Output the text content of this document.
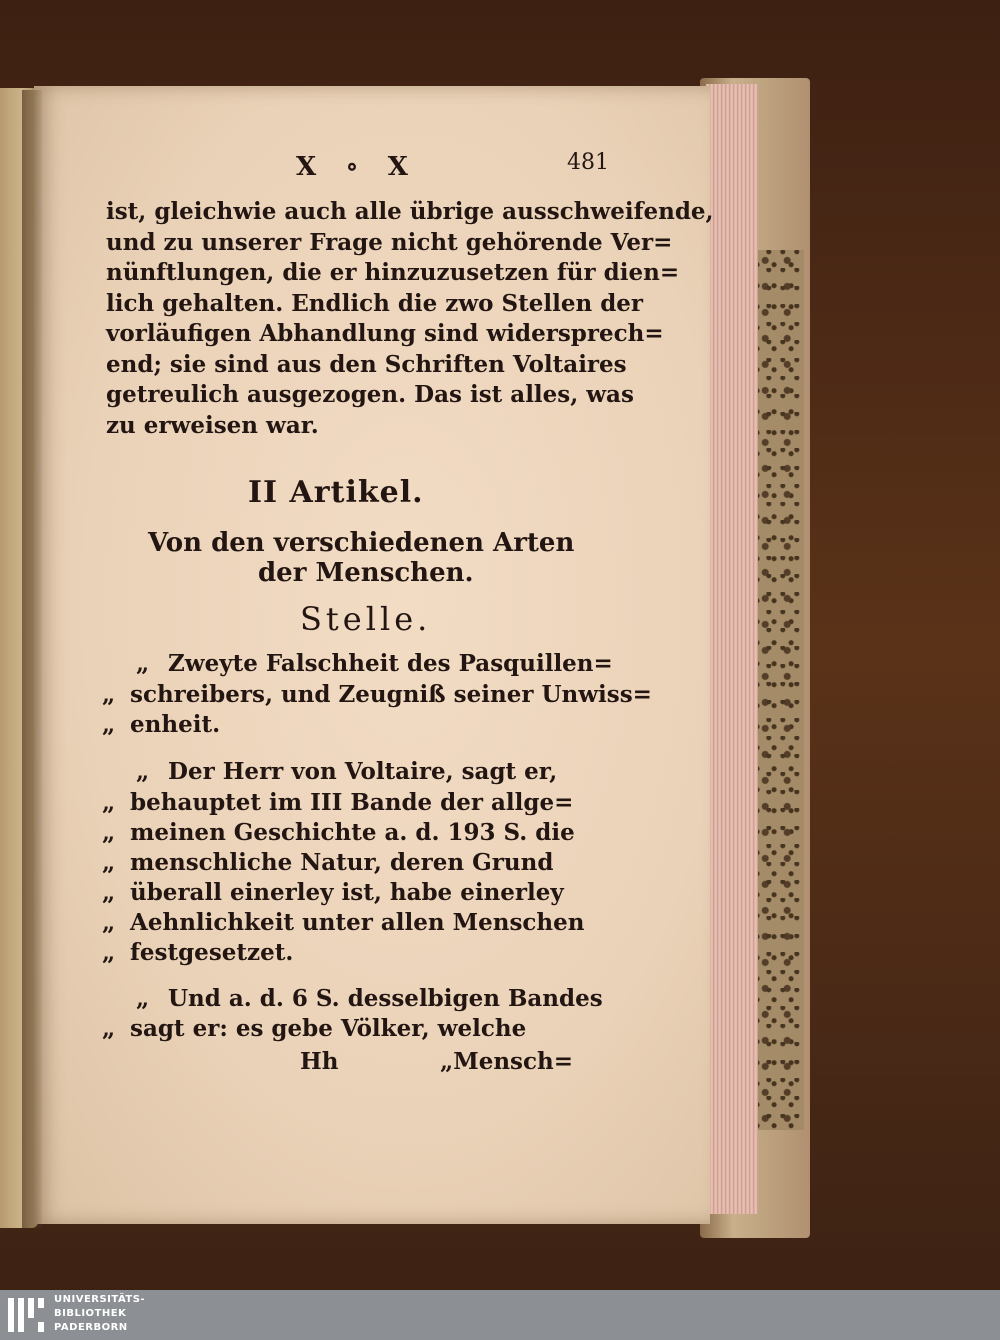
X ∘ X	481
ist, gleichwie auch alle übrige ausschweifende,
und zu unserer Frage nicht gehörende Ver=
nünftlungen, die er hinzuzusetzen für dien=
lich gehalten. Endlich die zwo Stellen der
vorläufigen Abhandlung sind widersprech=
end; sie sind aus den Schriften Voltaires
getreulich ausgezogen. Das ist alles, was
zu erweisen war.
II Artikel.
Von den verschiedenen Arten
der Menschen.
Stelle.
„ Zweyte Falschheit des Pasquillen=
„ schreibers, und Zeugniß seiner Unwiss=
„ enheit.
„ Der Herr von Voltaire, sagt er,
„ behauptet im III Bande der allge=
„ meinen Geschichte a. d. 193 S. die
„ menschliche Natur, deren Grund
„ überall einerley ist, habe einerley
„ Aehnlichkeit unter allen Menschen
„ festgesetzet.
„ Und a. d. 6 S. desselbigen Bandes
„ sagt er: es gebe Völker, welche
Hh	„Mensch=
UNIVERSITÄTS-
BIBLIOTHEK
PADERBORN
